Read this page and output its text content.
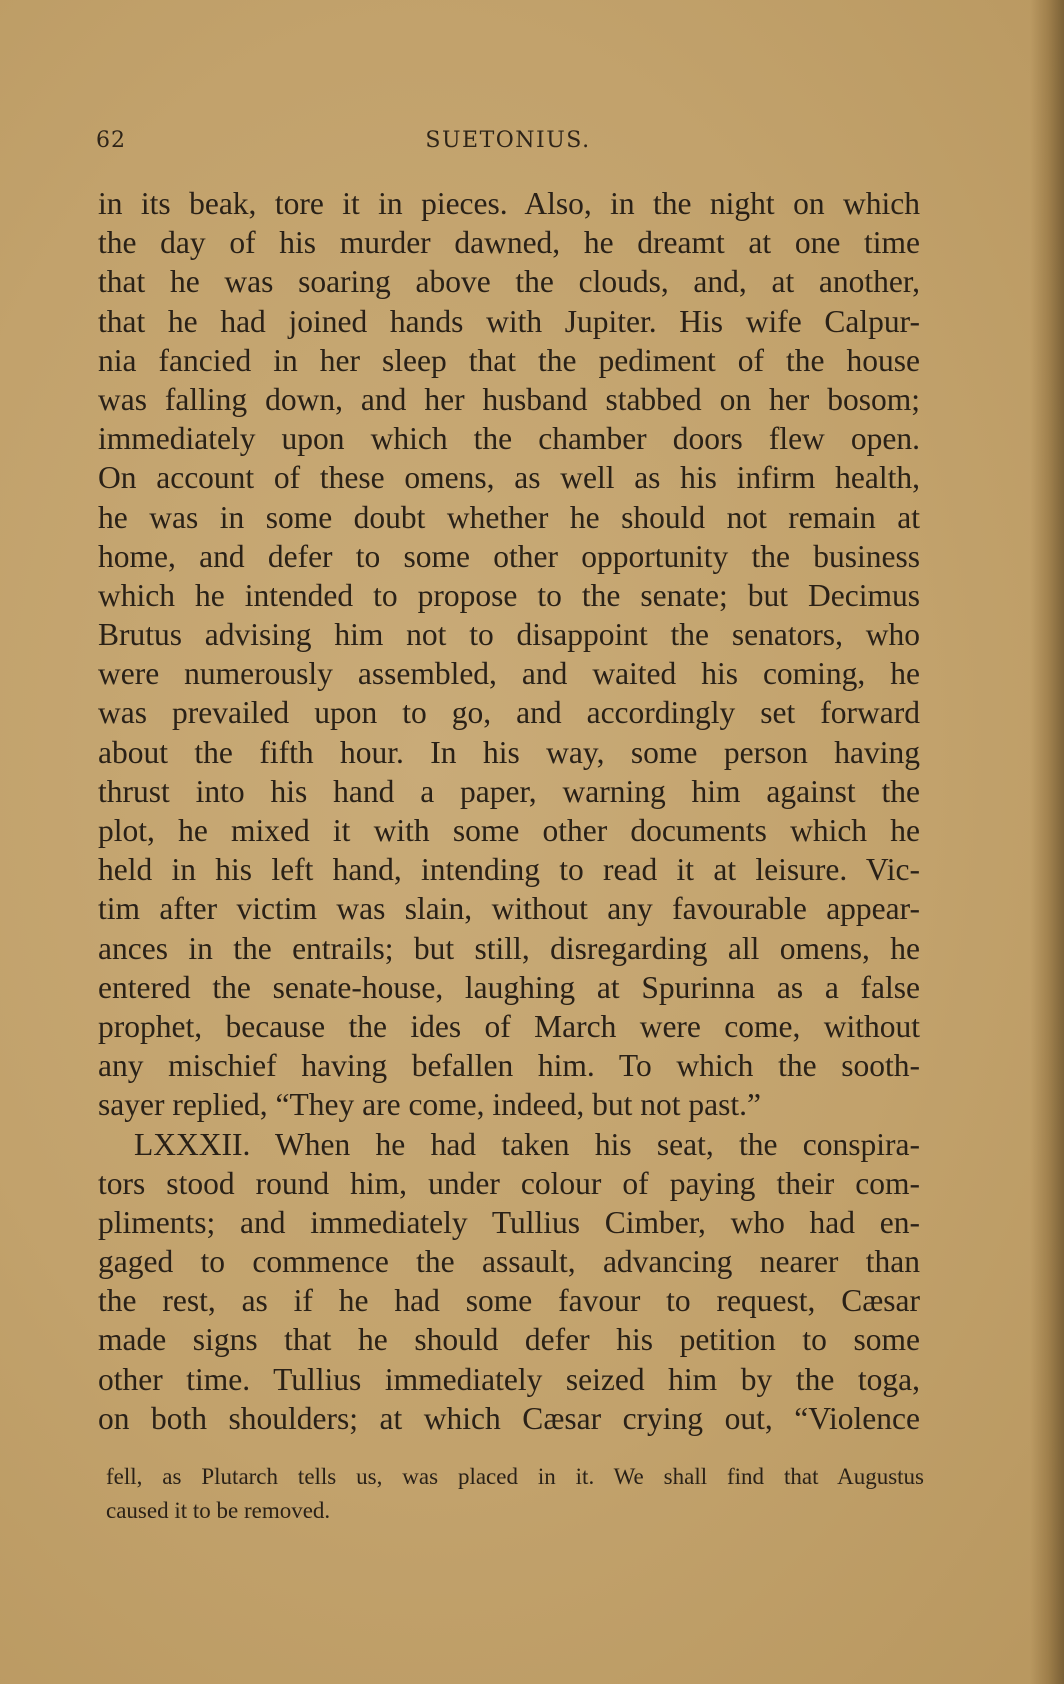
62	SUETONIUS.
in its beak, tore it in pieces. Also, in the night on which
the day of his murder dawned, he dreamt at one time
that he was soaring above the clouds, and, at another,
that he had joined hands with Jupiter. His wife Calpur-
nia fancied in her sleep that the pediment of the house
was falling down, and her husband stabbed on her bosom;
immediately upon which the chamber doors flew open.
On account of these omens, as well as his infirm health,
he was in some doubt whether he should not remain at
home, and defer to some other opportunity the business
which he intended to propose to the senate; but Decimus
Brutus advising him not to disappoint the senators, who
were numerously assembled, and waited his coming, he
was prevailed upon to go, and accordingly set forward
about the fifth hour. In his way, some person having
thrust into his hand a paper, warning him against the
plot, he mixed it with some other documents which he
held in his left hand, intending to read it at leisure. Vic-
tim after victim was slain, without any favourable appear-
ances in the entrails; but still, disregarding all omens, he
entered the senate-house, laughing at Spurinna as a false
prophet, because the ides of March were come, without
any mischief having befallen him. To which the sooth-
sayer replied, “They are come, indeed, but not past.”
LXXXII. When he had taken his seat, the conspira-
tors stood round him, under colour of paying their com-
pliments; and immediately Tullius Cimber, who had en-
gaged to commence the assault, advancing nearer than
the rest, as if he had some favour to request, Cæsar
made signs that he should defer his petition to some
other time. Tullius immediately seized him by the toga,
on both shoulders; at which Cæsar crying out, “Violence
fell, as Plutarch tells us, was placed in it. We shall find that Augustus
caused it to be removed.
